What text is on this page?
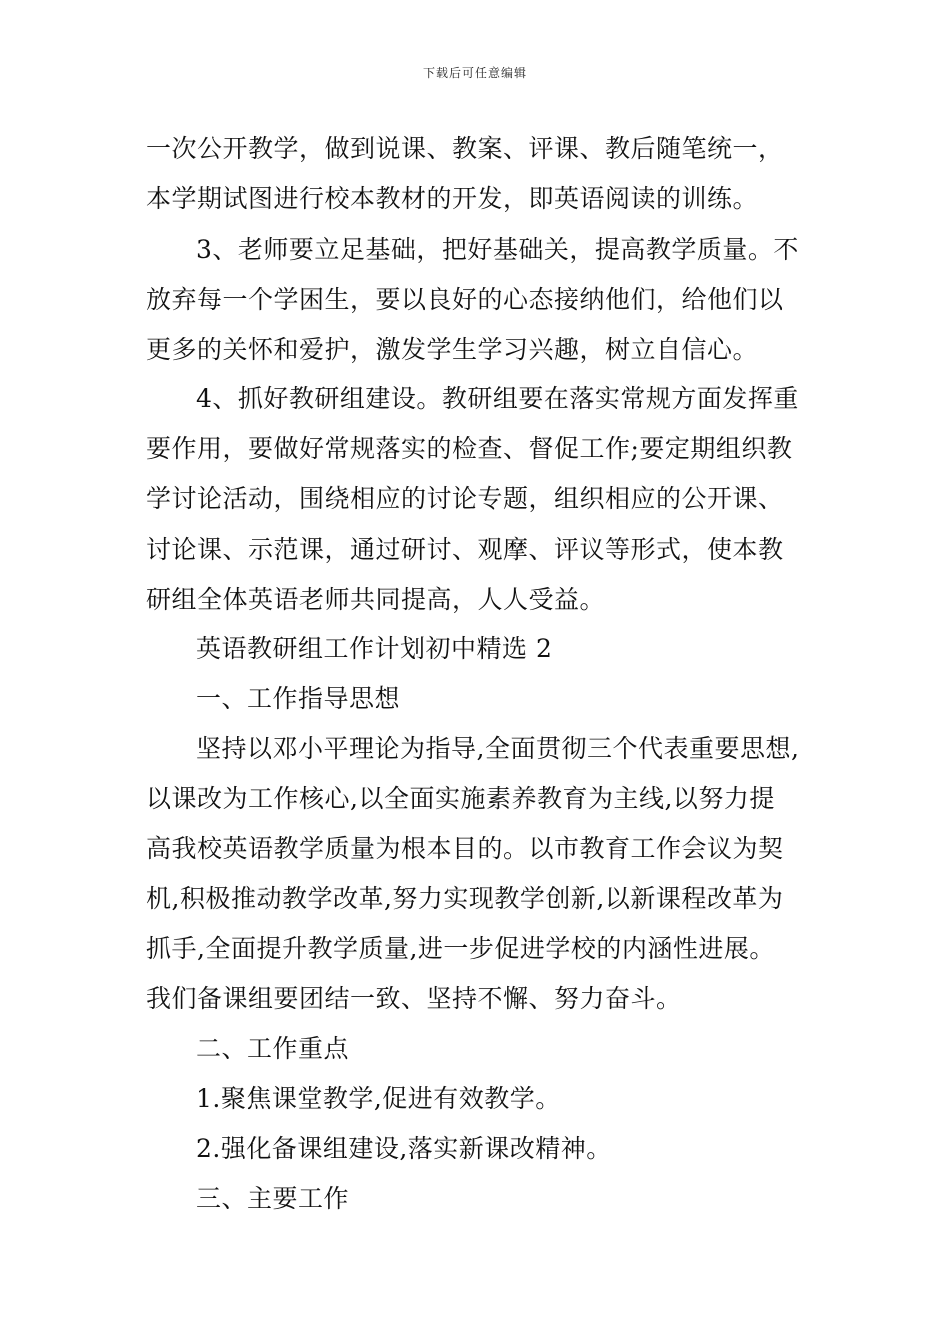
下载后可任意编辑
一次公开教学，做到说课、教案、评课、教后随笔统一，
本学期试图进行校本教材的开发，即英语阅读的训练。
3、老师要立足基础，把好基础关，提高教学质量。不
放弃每一个学困生，要以良好的心态接纳他们，给他们以
更多的关怀和爱护，激发学生学习兴趣，树立自信心。
4、抓好教研组建设。教研组要在落实常规方面发挥重
要作用，要做好常规落实的检查、督促工作;要定期组织教
学讨论活动，围绕相应的讨论专题，组织相应的公开课、
讨论课、示范课，通过研讨、观摩、评议等形式，使本教
研组全体英语老师共同提高，人人受益。
英语教研组工作计划初中精选 2
一、工作指导思想
坚持以邓小平理论为指导,全面贯彻三个代表重要思想,
以课改为工作核心,以全面实施素养教育为主线,以努力提
高我校英语教学质量为根本目的。以市教育工作会议为契
机,积极推动教学改革,努力实现教学创新,以新课程改革为
抓手,全面提升教学质量,进一步促进学校的内涵性进展。
我们备课组要团结一致、坚持不懈、努力奋斗。
二、工作重点
1.聚焦课堂教学,促进有效教学。
2.强化备课组建设,落实新课改精神。
三、主要工作
